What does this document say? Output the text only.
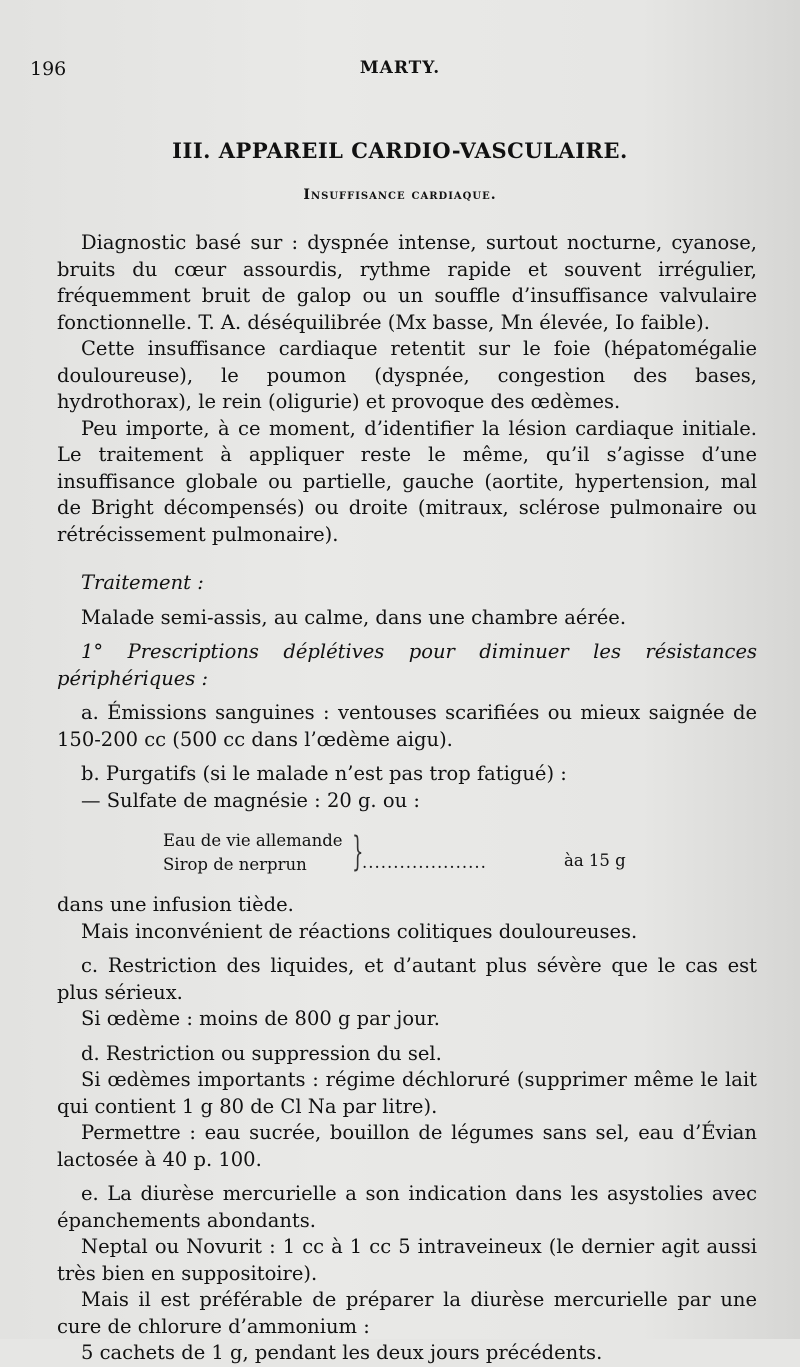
196	MARTY.
III. APPAREIL CARDIO-VASCULAIRE.
Insuffisance cardiaque.

Diagnostic basé sur : dyspnée intense, surtout nocturne, cyanose, bruits du cœur assourdis, rythme rapide et souvent irrégulier, fréquemment bruit de galop ou un souffle d’insuffisance valvulaire fonctionnelle. T. A. déséquilibrée (Mx basse, Mn élevée, Io faible).

Cette insuffisance cardiaque retentit sur le foie (hépatomégalie douloureuse), le poumon (dyspnée, congestion des bases, hydrothorax), le rein (oligurie) et provoque des œdèmes.

Peu importe, à ce moment, d’identifier la lésion cardiaque initiale. Le traitement à appliquer reste le même, qu’il s’agisse d’une insuffisance globale ou partielle, gauche (aortite, hypertension, mal de Bright décompensés) ou droite (mitraux, sclérose pulmonaire ou rétrécissement pulmonaire).

Traitement :

Malade semi-assis, au calme, dans une chambre aérée.

1° Prescriptions déplétives pour diminuer les résistances périphériques :

a. Émissions sanguines : ventouses scarifiées ou mieux saignée de 150-200 cc (500 cc dans l’œdème aigu).

b. Purgatifs (si le malade n’est pas trop fatigué) :

— Sulfate de magnésie : 20 g. ou :

Eau de vie allemande
Sirop de nerprun }
....................	àa 15 g

dans une infusion tiède.

Mais inconvénient de réactions colitiques douloureuses.

c. Restriction des liquides, et d’autant plus sévère que le cas est plus sérieux.

Si œdème : moins de 800 g par jour.

d. Restriction ou suppression du sel.

Si œdèmes importants : régime déchloruré (supprimer même le lait qui contient 1 g 80 de Cl Na par litre).

Permettre : eau sucrée, bouillon de légumes sans sel, eau d’Évian lactosée à 40 p. 100.

e. La diurèse mercurielle a son indication dans les asystolies avec épanchements abondants.

Neptal ou Novurit : 1 cc à 1 cc 5 intraveineux (le dernier agit aussi très bien en suppositoire).

Mais il est préférable de préparer la diurèse mercurielle par une cure de chlorure d’ammonium :

5 cachets de 1 g, pendant les deux jours précédents.
